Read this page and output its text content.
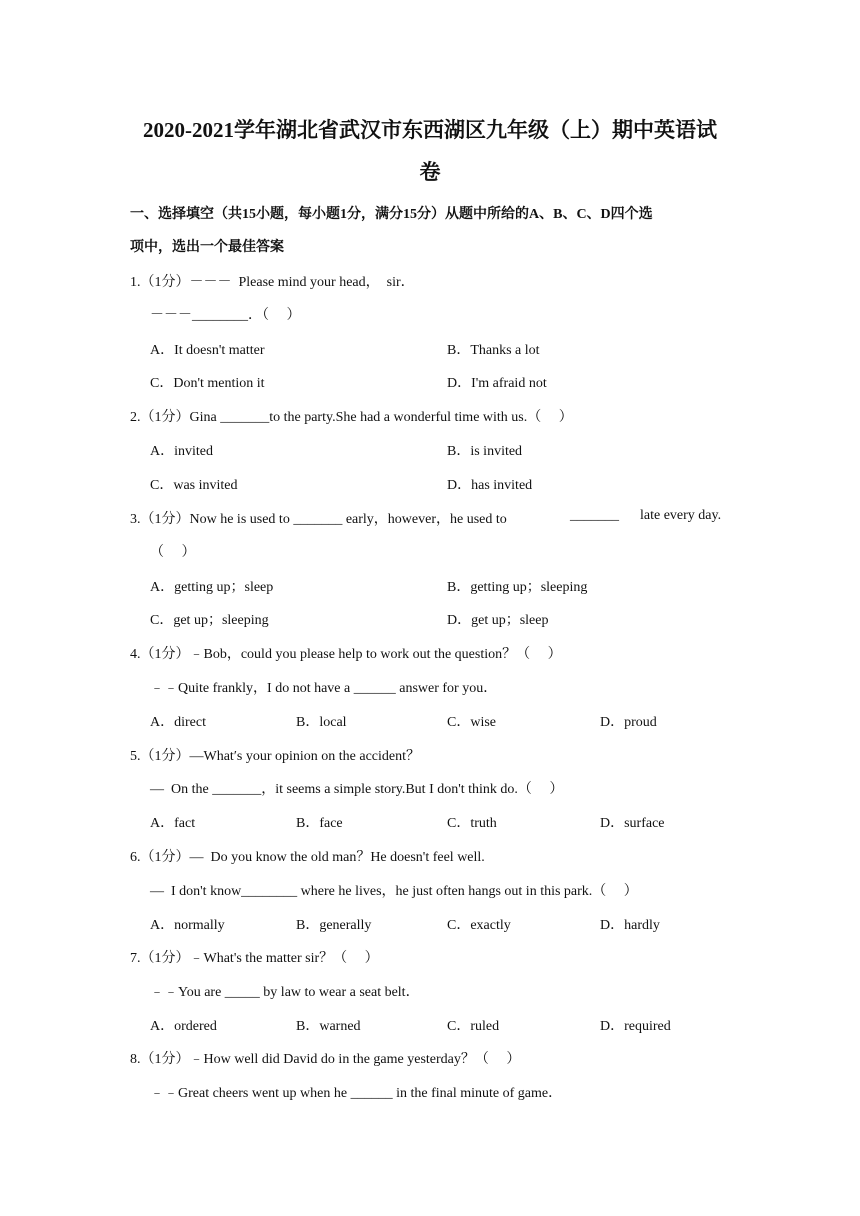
2020-2021学年湖北省武汉市东西湖区九年级（上）期中英语试
卷
一、选择填空（共15小题，每小题1分，满分15分）从题中所给的A、B、C、D四个选
项中，选出一个最佳答案
1.（1分）－－－  Please mind your head，  sir．
－－－________．（     ）
A．It doesn't matter	B．Thanks a lot
C．Don't mention it	D．I'm afraid not
2.（1分）Gina _______to the party.She had a wonderful time with us.（     ）
A．invited	B．is invited
C．was invited	D．has invited
3.（1分）Now he is used to _______ early，however，he used to	_______ late every day.
（     ）
A．getting up；sleep	B．getting up；sleeping
C．get up；sleeping	D．get up；sleep
4.（1分）﹣Bob，could you please help to work out the question？（     ）
﹣﹣Quite frankly，I do not have a ______ answer for you．
A．direct	B．local	C．wise	D．proud
5.（1分）—What′s your opinion on the accident？
—  On the _______，it seems a simple story.But I don't think do.（     ）
A．fact	B．face	C．truth	D．surface
6.（1分）—  Do you know the old man？He doesn't feel well.
—  I don't know________ where he lives，he just often hangs out in this park.（     ）
A．normally	B．generally	C．exactly	D．hardly
7.（1分）﹣What's the matter sir？（     ）
﹣﹣You are _____ by law to wear a seat belt．
A．ordered	B．warned	C．ruled	D．required
8.（1分）﹣How well did David do in the game yesterday？（     ）
﹣﹣Great cheers went up when he ______ in the final minute of game．
